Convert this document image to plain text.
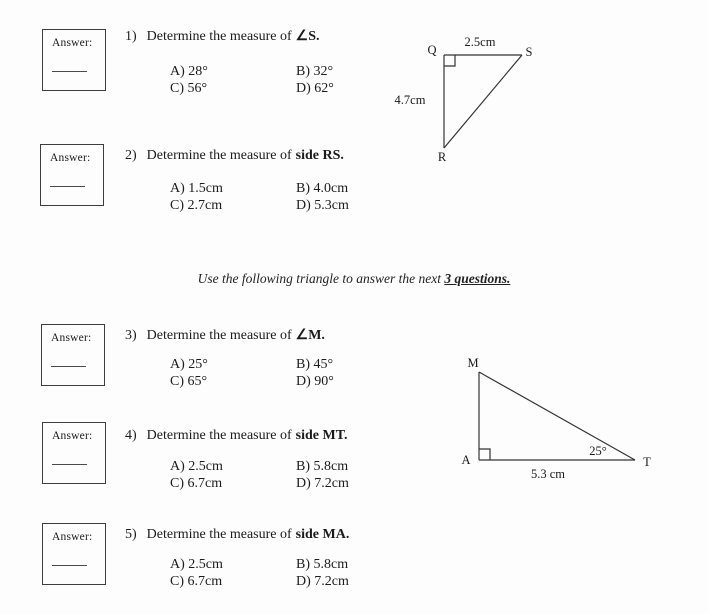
Answer:	1) Determine the measure of ∠S.
A) 28°	B) 32°
C) 56°	D) 62°
Q	S
R
2.5cm
4.7cm
Answer:	2) Determine the measure of side RS.
A) 1.5cm	B) 4.0cm
C) 2.7cm	D) 5.3cm
Use the following triangle to answer the next 3 questions.
Answer:	3) Determine the measure of ∠M.
A) 25°	B) 45°
C) 65°	D) 90°
M
A	T
25°
5.3 cm
Answer:	4) Determine the measure of side MT.
A) 2.5cm	B) 5.8cm
C) 6.7cm	D) 7.2cm
Answer:	5) Determine the measure of side MA.
A) 2.5cm	B) 5.8cm
C) 6.7cm	D) 7.2cm
